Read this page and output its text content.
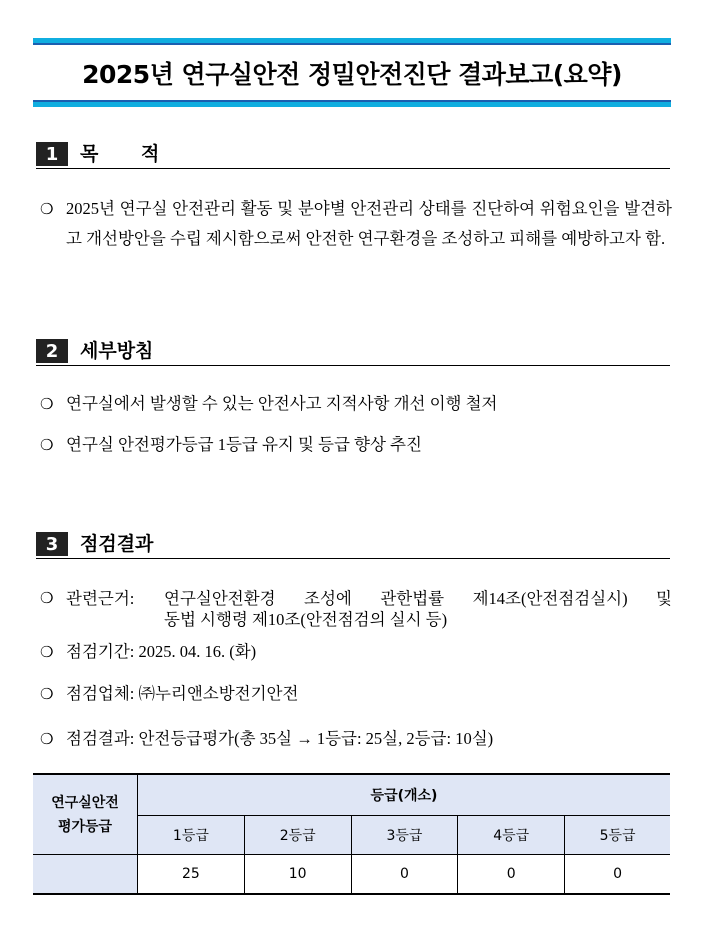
2025년 연구실안전 정밀안전진단 결과보고(요약)
1	목 적
❍ 2025년 연구실 안전관리 활동 및 분야별 안전관리 상태를 진단하여 위험요인을 발견하고 개선방안을 수립 제시함으로써 안전한 연구환경을 조성하고 피해를 예방하고자 함.
2	세부방침
❍ 연구실에서 발생할 수 있는 안전사고 지적사항 개선 이행 철저
❍ 연구실 안전평가등급 1등급 유지 및 등급 향상 추진
3	점검결과
❍ 관련근거:	연구실안전환경 조성에 관한법률 제14조(안전점검실시) 및
동법 시행령 제10조(안전점검의 실시 등)
❍ 점검기간: 2025. 04. 16. (화)
❍ 점검업체: ㈜누리앤소방전기안전
❍ 점검결과: 안전등급평가(총 35실 → 1등급: 25실, 2등급: 10실)
연구실안전
평가등급	등급(개소)				
	1등급	2등급	3등급	4등급	5등급
	25	10	0	0	0
